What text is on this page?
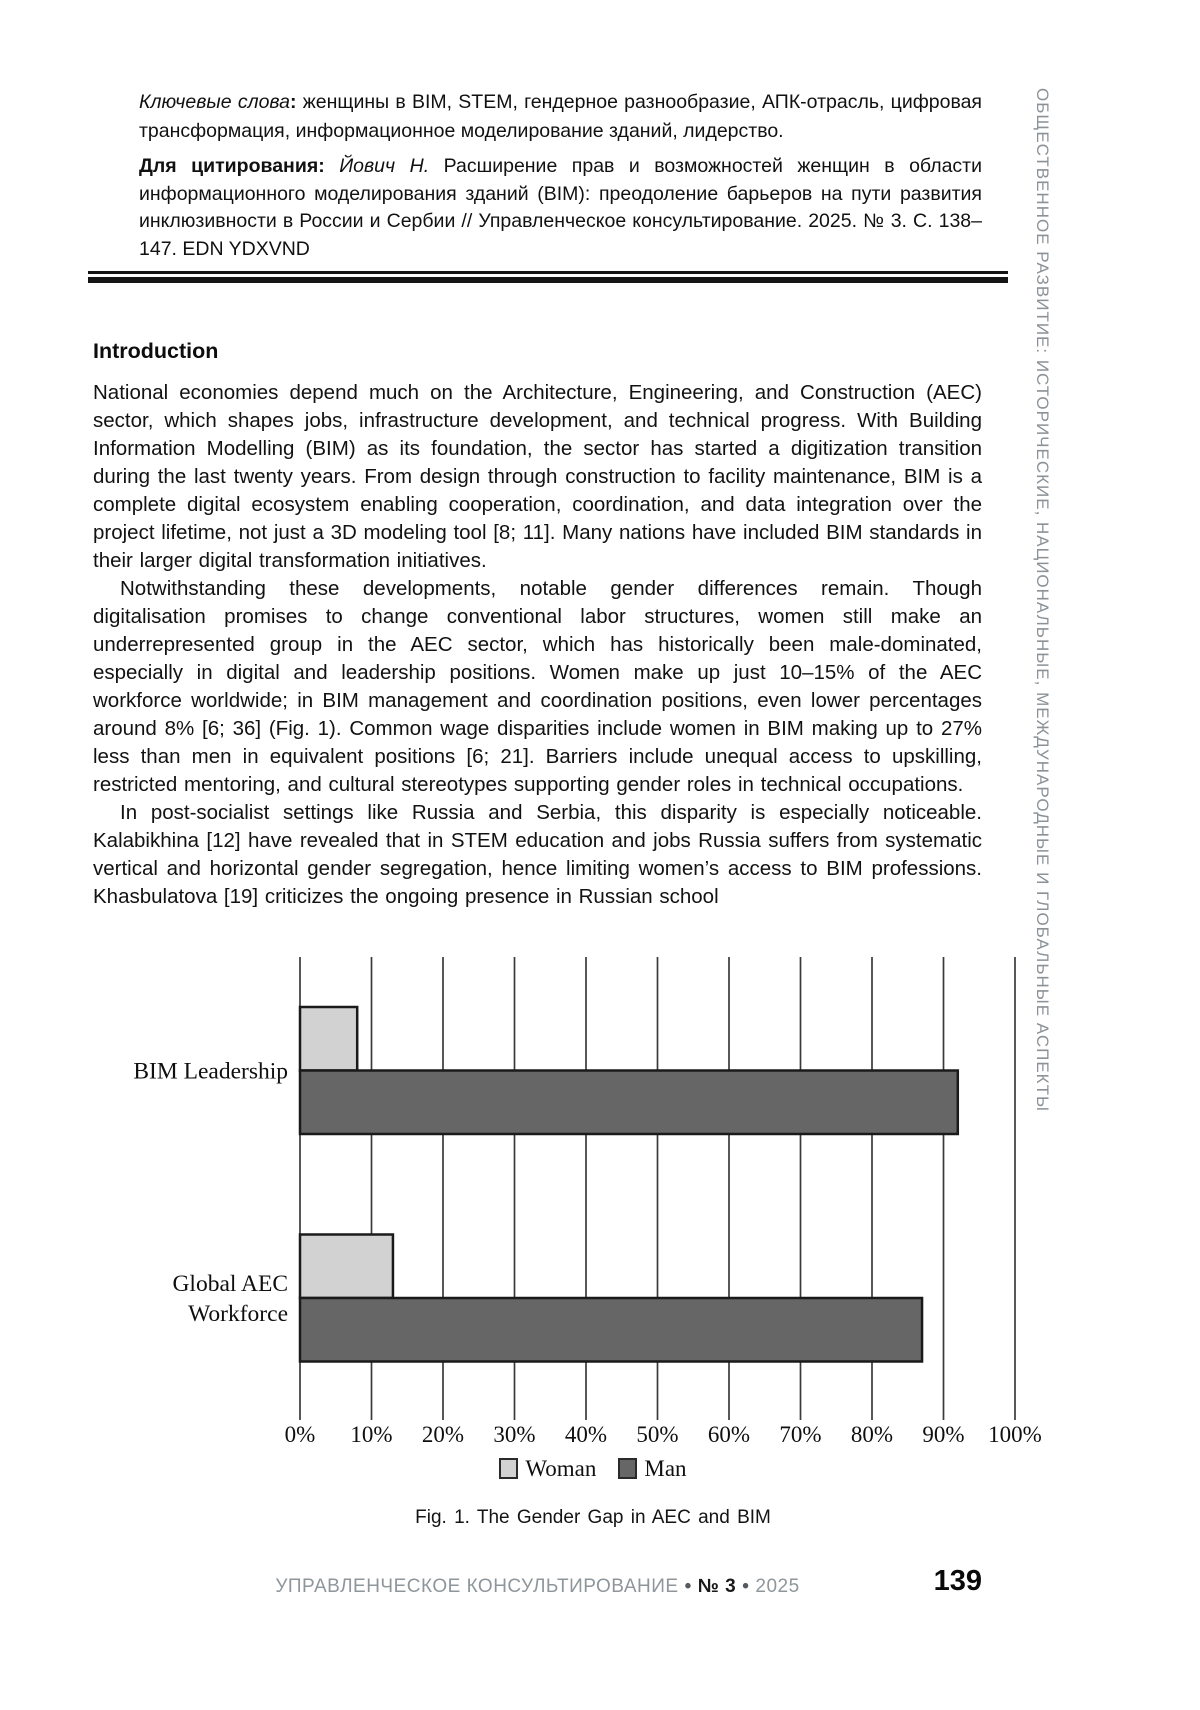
ОБЩЕСТВЕННОЕ РАЗВИТИЕ: ИСТОРИЧЕСКИЕ, НАЦИОНАЛЬНЫЕ, МЕЖДУНАРОДНЫЕ И ГЛОБАЛЬНЫЕ АСПЕКТЫ

Ключевые слова: женщины в BIM, STEM, гендерное разнообразие, АПК-отрасль, цифровая трансформация, информационное моделирование зданий, лидерство.

Для цитирования: Йович Н. Расширение прав и возможностей женщин в области информационного моделирования зданий (BIM): преодоление барьеров на пути развития инклюзивности в России и Сербии // Управленческое консультирование. 2025. № 3. С. 138–147. EDN YDXVND

Introduction

National economies depend much on the Architecture, Engineering, and Construction (AEC) sector, which shapes jobs, infrastructure development, and technical progress. With Building Information Modelling (BIM) as its foundation, the sector has started a digitization transition during the last twenty years. From design through construction to facility maintenance, BIM is a complete digital ecosystem enabling cooperation, coordination, and data integration over the project lifetime, not just a 3D modeling tool [8; 11]. Many nations have included BIM standards in their larger digital transformation initiatives.

Notwithstanding these developments, notable gender differences remain. Though digitalisation promises to change conventional labor structures, women still make an underrepresented group in the AEC sector, which has historically been male-dominated, especially in digital and leadership positions. Women make up just 10–15% of the AEC workforce worldwide; in BIM management and coordination positions, even lower percentages around 8% [6; 36] (Fig. 1). Common wage disparities include women in BIM making up to 27% less than men in equivalent positions [6; 21]. Barriers include unequal access to upskilling, restricted mentoring, and cultural stereotypes supporting gender roles in technical occupations.

In post-socialist settings like Russia and Serbia, this disparity is especially noticeable. Kalabikhina [12] have revealed that in STEM education and jobs Russia suffers from systematic vertical and horizontal gender segregation, hence limiting women’s access to BIM professions. Khasbulatova [19] criticizes the ongoing presence in Russian school

0% 10% 20% 30% 40% 50% 60% 70% 80% 90% 100%
BIM Leadership
Global AEC
Workforce
Woman Man
Fig. 1. The Gender Gap in AEC and BIM
УПРАВЛЕНЧЕСКОЕ КОНСУЛЬТИРОВАНИЕ • № 3 • 2025	139
